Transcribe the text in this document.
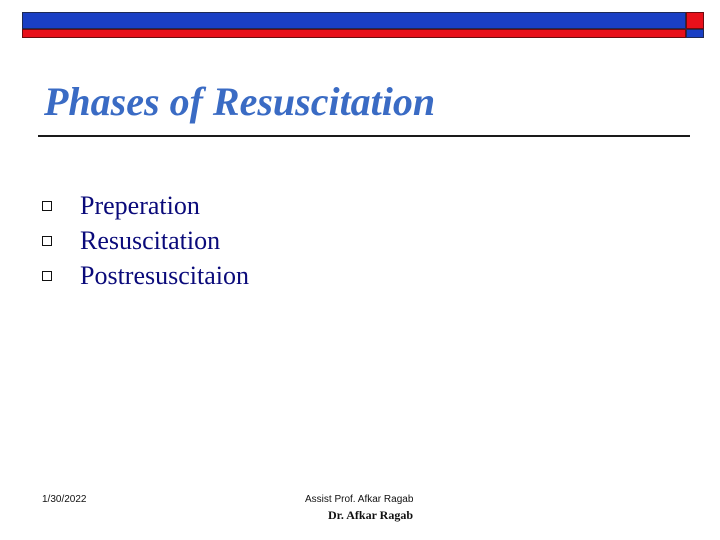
Phases of Resuscitation
Preperation
Resuscitation
Postresuscitaion
1/30/2022	Assist Prof. Afkar Ragab
Dr. Afkar Ragab
